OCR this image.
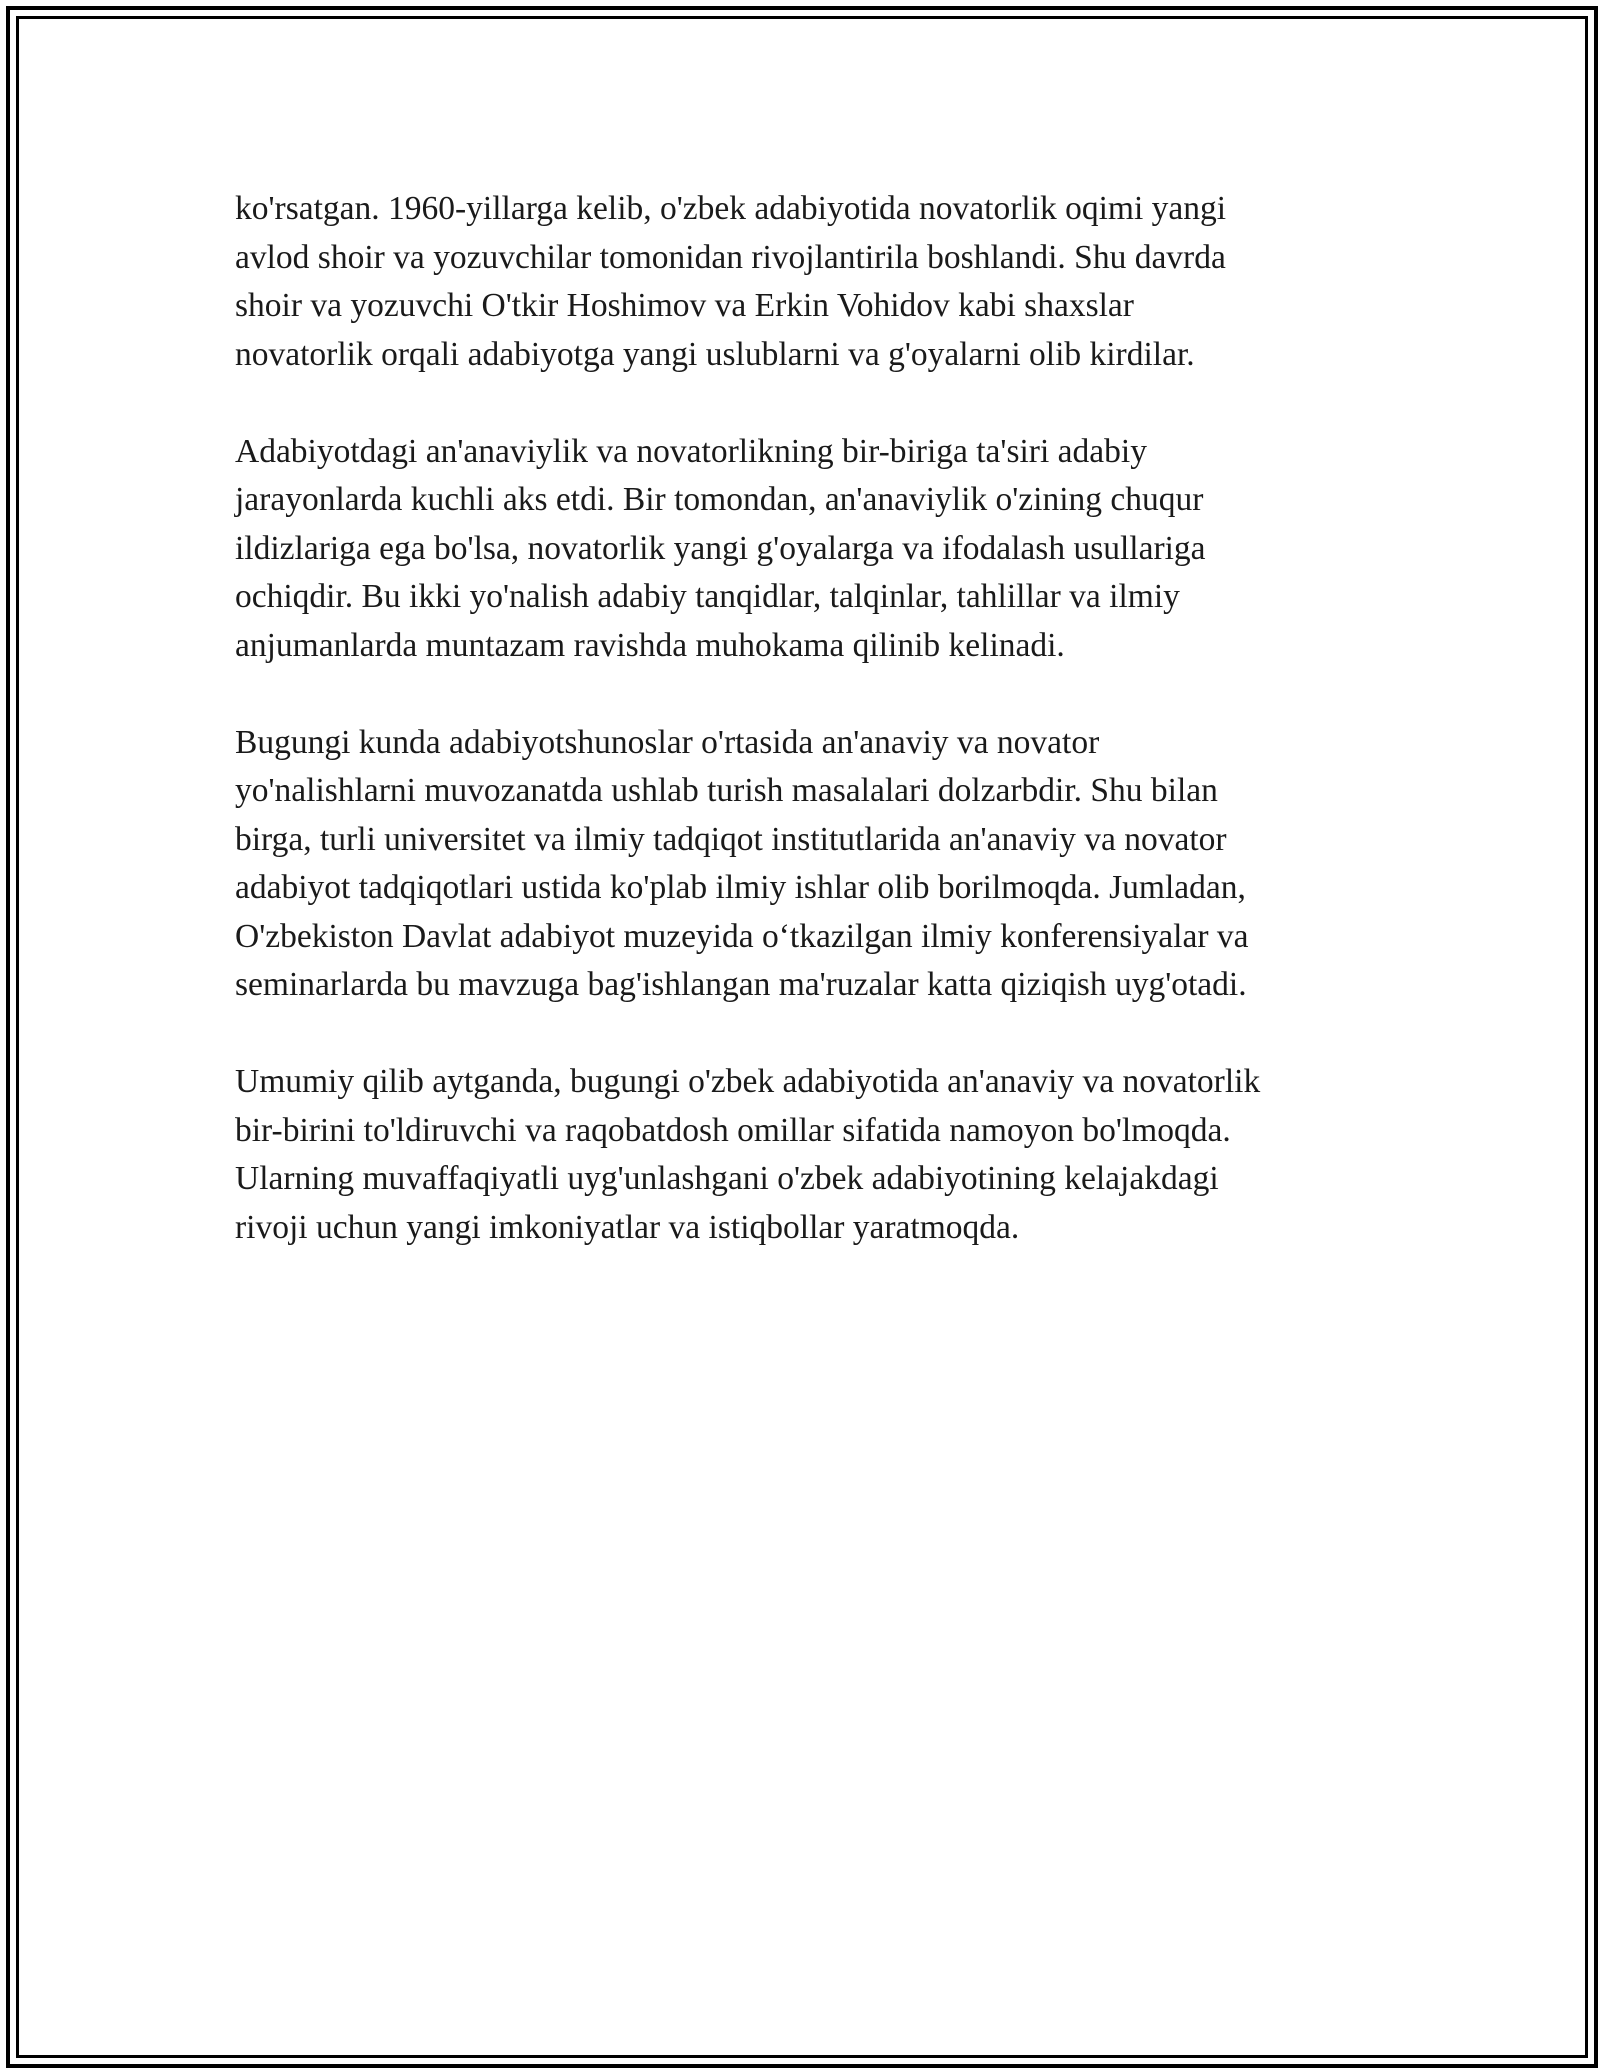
ko'rsatgan. 1960-yillarga kelib, o'zbek adabiyotida novatorlik oqimi yangi
avlod shoir va yozuvchilar tomonidan rivojlantirila boshlandi. Shu davrda
shoir va yozuvchi O'tkir Hoshimov va Erkin Vohidov kabi shaxslar
novatorlik orqali adabiyotga yangi uslublarni va g'oyalarni olib kirdilar.

Adabiyotdagi an'anaviylik va novatorlikning bir-biriga ta'siri adabiy
jarayonlarda kuchli aks etdi. Bir tomondan, an'anaviylik o'zining chuqur
ildizlariga ega bo'lsa, novatorlik yangi g'oyalarga va ifodalash usullariga
ochiqdir. Bu ikki yo'nalish adabiy tanqidlar, talqinlar, tahlillar va ilmiy
anjumanlarda muntazam ravishda muhokama qilinib kelinadi.

Bugungi kunda adabiyotshunoslar o'rtasida an'anaviy va novator
yo'nalishlarni muvozanatda ushlab turish masalalari dolzarbdir. Shu bilan
birga, turli universitet va ilmiy tadqiqot institutlarida an'anaviy va novator
adabiyot tadqiqotlari ustida ko'plab ilmiy ishlar olib borilmoqda. Jumladan,
O'zbekiston Davlat adabiyot muzeyida o‘tkazilgan ilmiy konferensiyalar va
seminarlarda bu mavzuga bag'ishlangan ma'ruzalar katta qiziqish uyg'otadi.

Umumiy qilib aytganda, bugungi o'zbek adabiyotida an'anaviy va novatorlik
bir-birini to'ldiruvchi va raqobatdosh omillar sifatida namoyon bo'lmoqda.
Ularning muvaffaqiyatli uyg'unlashgani o'zbek adabiyotining kelajakdagi
rivoji uchun yangi imkoniyatlar va istiqbollar yaratmoqda.
